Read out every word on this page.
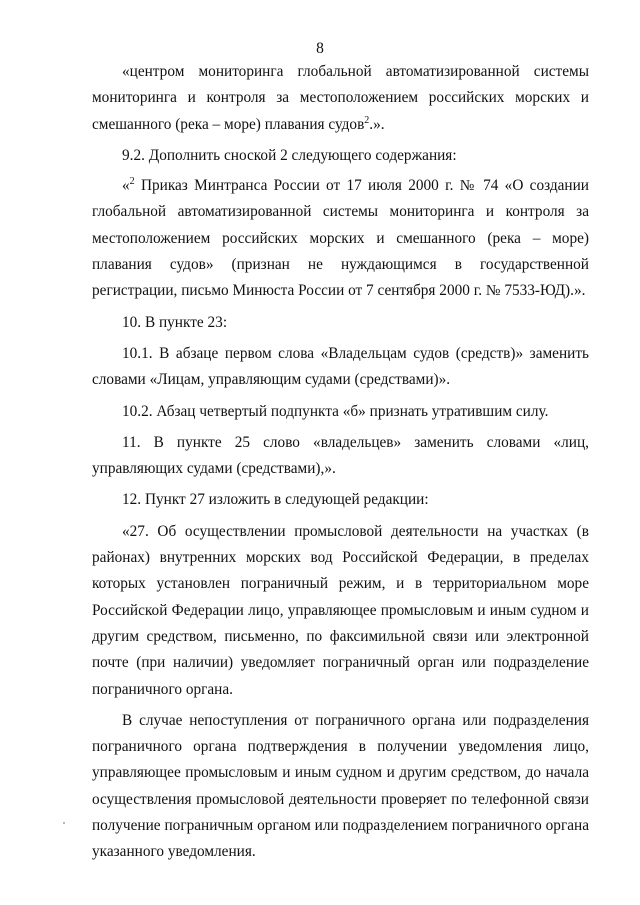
8

«центром мониторинга глобальной автоматизированной системы мониторинга и контроля за местоположением российских морских и смешанного (река – море) плавания судов$^2$.».

9.2. Дополнить сноской 2 следующего содержания:

«$^2$ Приказ Минтранса России от 17 июля 2000 г. № 74 «О создании глобальной автоматизированной системы мониторинга и контроля за местоположением российских морских и смешанного (река – море) плавания судов» (признан не нуждающимся в государственной регистрации, письмо Минюста России от 7 сентября 2000 г. № 7533-ЮД).».

10. В пункте 23:

10.1. В абзаце первом слова «Владельцам судов (средств)» заменить словами «Лицам, управляющим судами (средствами)».

10.2. Абзац четвертый подпункта «б» признать утратившим силу.

11. В пункте 25 слово «владельцев» заменить словами «лиц, управляющих судами (средствами),».

12. Пункт 27 изложить в следующей редакции:

«27. Об осуществлении промысловой деятельности на участках (в районах) внутренних морских вод Российской Федерации, в пределах которых установлен пограничный режим, и в территориальном море Российской Федерации лицо, управляющее промысловым и иным судном и другим средством, письменно, по факсимильной связи или электронной почте (при наличии) уведомляет пограничный орган или подразделение пограничного органа.

В случае непоступления от пограничного органа или подразделения пограничного органа подтверждения в получении уведомления лицо, управляющее промысловым и иным судном и другим средством, до начала осуществления промысловой деятельности проверяет по телефонной связи получение пограничным органом или подразделением пограничного органа указанного уведомления.
